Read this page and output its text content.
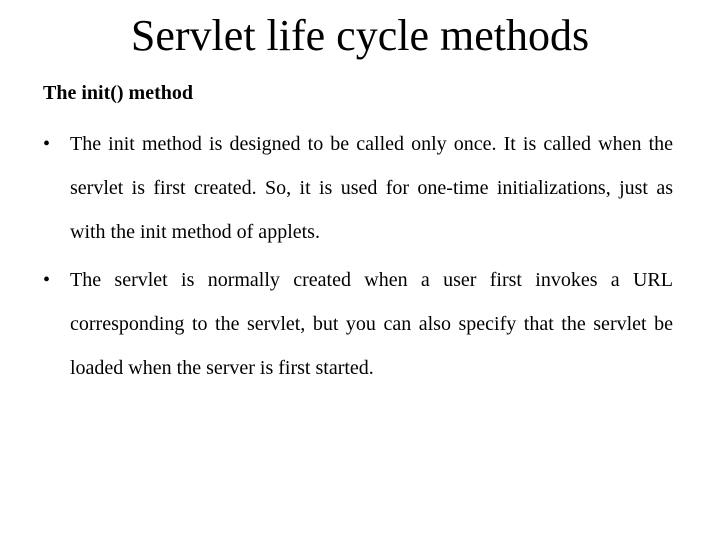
Servlet life cycle methods
The init() method
• The init method is designed to be called only once. It is called when the servlet is first created. So, it is used for one-time initializations, just as with the init method of applets.
• The servlet is normally created when a user first invokes a URL corresponding to the servlet, but you can also specify that the servlet be loaded when the server is first started.
